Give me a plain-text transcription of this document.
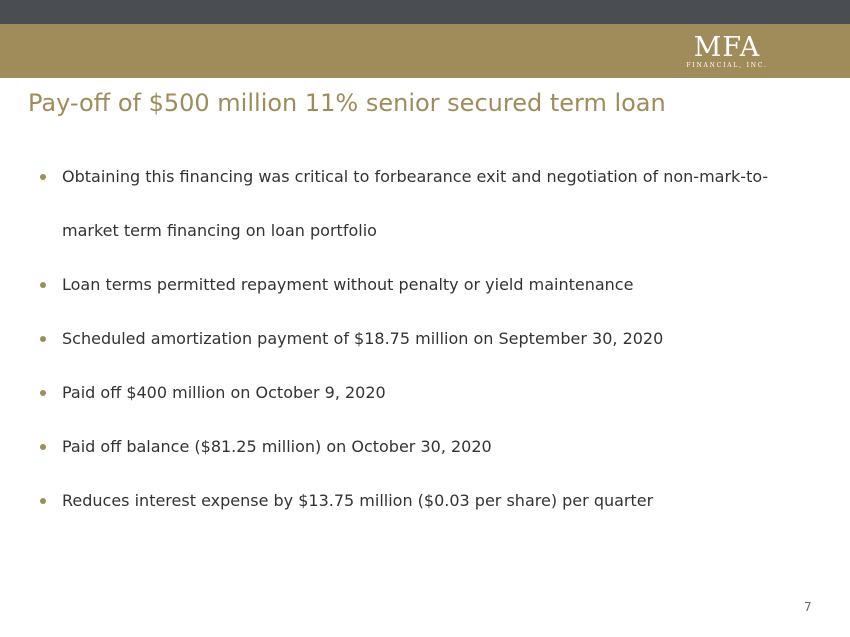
MFA
FINANCIAL, INC.
Pay-off of $500 million 11% senior secured term loan
Obtaining this financing was critical to forbearance exit and negotiation of non-mark-to-market term financing on loan portfolio
Loan terms permitted repayment without penalty or yield maintenance
Scheduled amortization payment of $18.75 million on September 30, 2020
Paid off $400 million on October 9, 2020
Paid off balance ($81.25 million) on October 30, 2020
Reduces interest expense by $13.75 million ($0.03 per share) per quarter
7
